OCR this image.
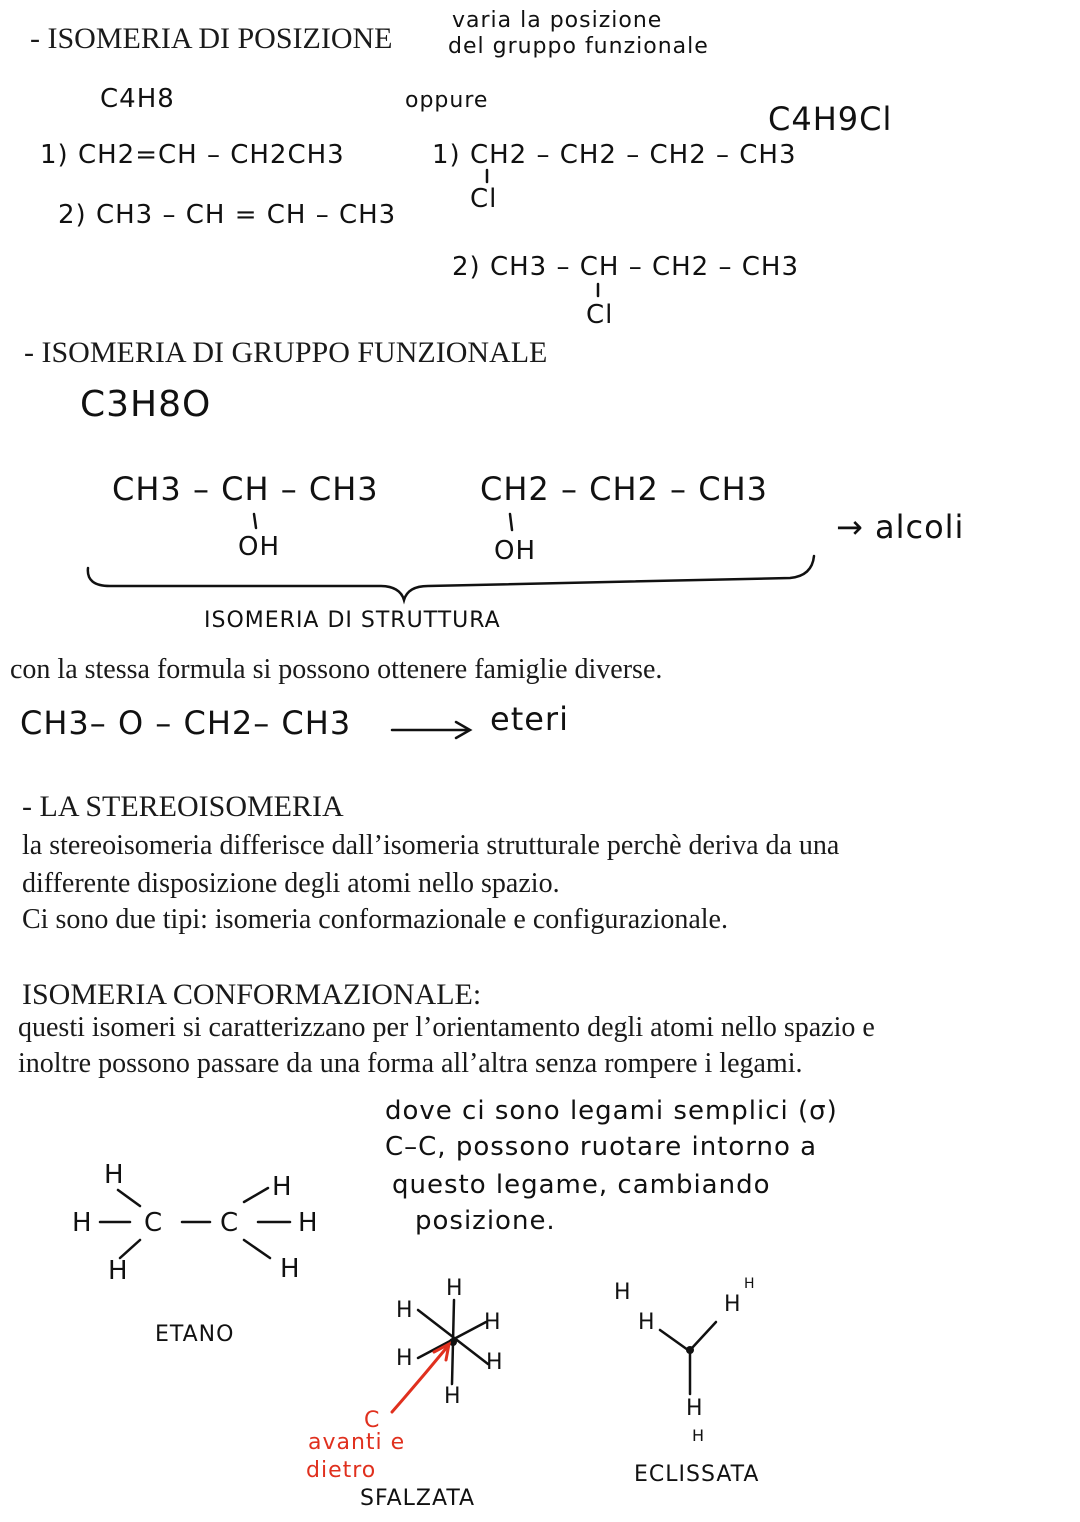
- ISOMERIA DI POSIZIONE
varia la posizione
del gruppo funzionale
C4H8
1) CH2=CH – CH2CH3
2) CH3 – CH = CH – CH3
oppure	C4H9Cl
1) CH2 – CH2 – CH2 – CH3
Cl
2) CH3 – CH – CH2 – CH3
Cl
- ISOMERIA DI GRUPPO FUNZIONALE
C3H8O
CH3 – CH – CH3
OH
CH2 – CH2 – CH3
OH
→ alcoli
ISOMERIA DI STRUTTURA
con la stessa formula si possono ottenere famiglie diverse.
CH3– O – CH2– CH3	eteri
- LA STEREOISOMERIA
la stereoisomeria differisce dall’isomeria strutturale perchè deriva da una
differente disposizione degli atomi nello spazio.
Ci sono due tipi: isomeria conformazionale e configurazionale.
ISOMERIA CONFORMAZIONALE:
questi isomeri si caratterizzano per l’orientamento degli atomi nello spazio e
inoltre possono passare da una forma all’altra senza rompere i legami.
dove ci sono legami semplici (σ)
C–C, possono ruotare intorno a
questo legame, cambiando
posizione.
H
H C C H
H
H
H
ETANO
H
H	H
H	H
H
H
H
H
H
H
H
ECLISSATA
C
avanti e
dietro
SFALZATA
